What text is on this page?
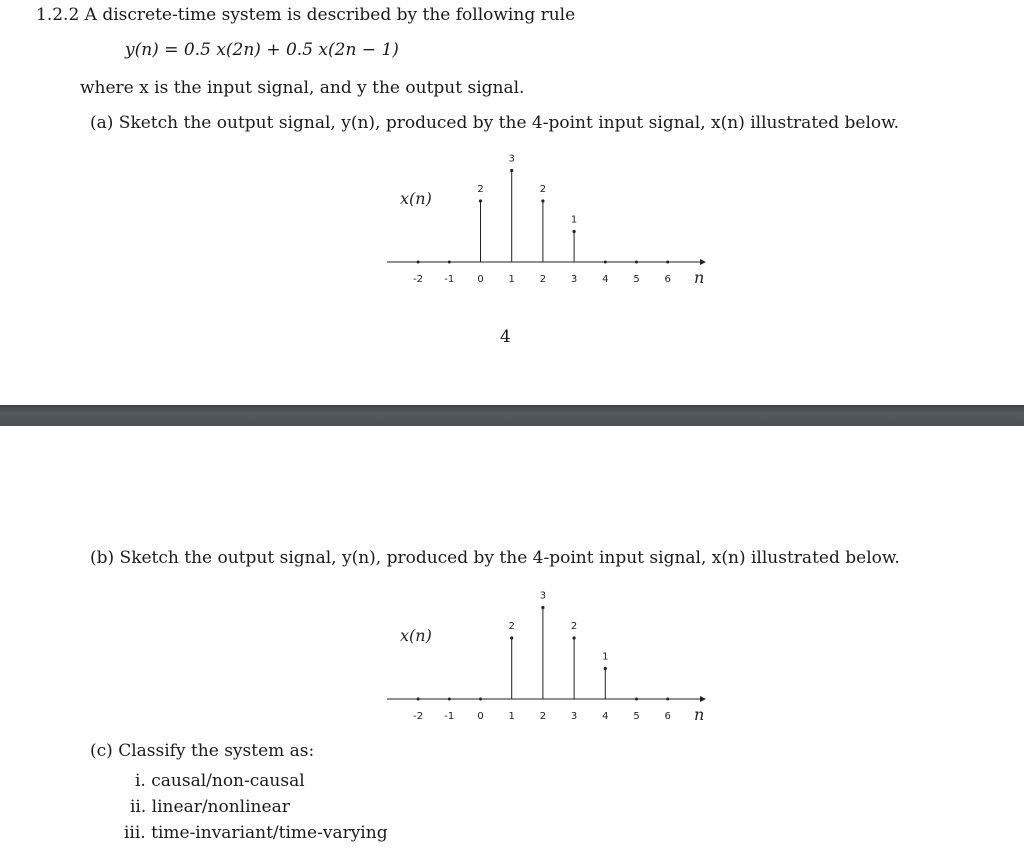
1.2.2 A discrete-time system is described by the following rule
y(n) = 0.5 x(2n) + 0.5 x(2n − 1)
where x is the input signal, and y the output signal.
(a) Sketch the output signal, y(n), produced by the 4-point input signal, x(n) illustrated below.
x(n)
n
-2 -1 0 1 2 3 4 5 6
2
3
2
1
4
(b) Sketch the output signal, y(n), produced by the 4-point input signal, x(n) illustrated below.
x(n)
n
-2 -1 0 1 2 3 4 5 6
2
3
2
1
(c) Classify the system as:
i. causal/non-causal
ii. linear/nonlinear
iii. time-invariant/time-varying
